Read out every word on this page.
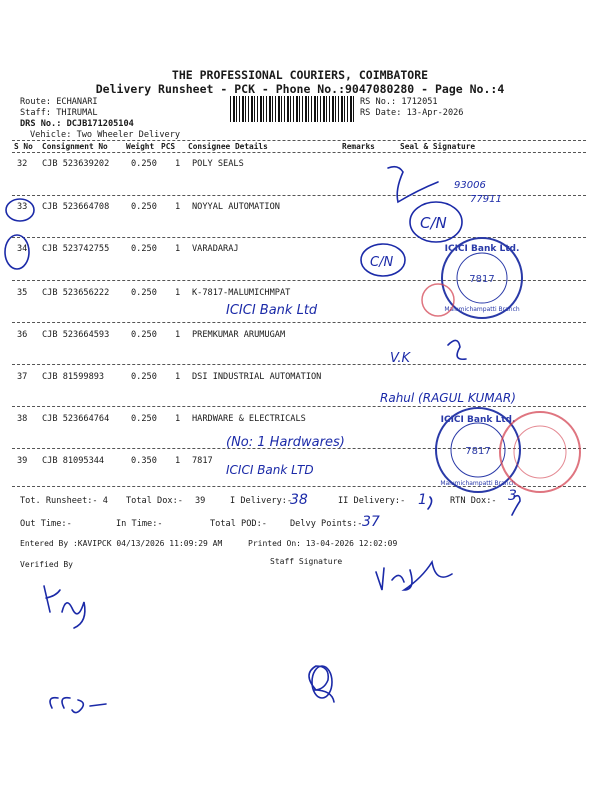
THE PROFESSIONAL COURIERS, COIMBATORE
Delivery Runsheet - PCK - Phone No.:9047080280 - Page No.:4
Route: ECHANARI
Staff: THIRUMAL
DRS No.: DCJB171205104
Vehicle: Two Wheeler Delivery
RS No.: 1712051
RS Date: 13-Apr-2026
S No Consignment No Weight PCS Consignee Details	Remarks	Seal & Signature
32 CJB 523639202	0.250 1 POLY SEALS
33 CJB 523664708	0.250 1 NOYYAL AUTOMATION
34 CJB 523742755	0.250 1 VARADARAJ
35 CJB 523656222	0.250 1 K-7817-MALUMICHMPAT
36 CJB 523664593	0.250 1 PREMKUMAR ARUMUGAM
37 CJB 81599893	0.250 1 DSI INDUSTRIAL AUTOMATION
38 CJB 523664764	0.250 1 HARDWARE & ELECTRICALS
39 CJB 81095344	0.350 1 7817
Tot. Runsheet:- 4 Total Dox:- 39	I Delivery:-	II Delivery:-	RTN Dox:-
Out Time:-	In Time:-	Total POD:-	Delvy Points:-
Entered By :KAVIPCK 04/13/2026 11:09:29 AM	Printed On: 13-04-2026 12:02:09
Verified By	Staff Signature
93006
77911
C/N
C/N
ICICI Bank Ltd
V.K
Rahul (RAGUL KUMAR)
(No: 1 Hardwares)
ICICI Bank LTD
38	1	3
37
ICICI Bank Ltd.
7817
Malumichampatti Branch
ICICI Bank Ltd.
7817
Malumichampatti Branch
